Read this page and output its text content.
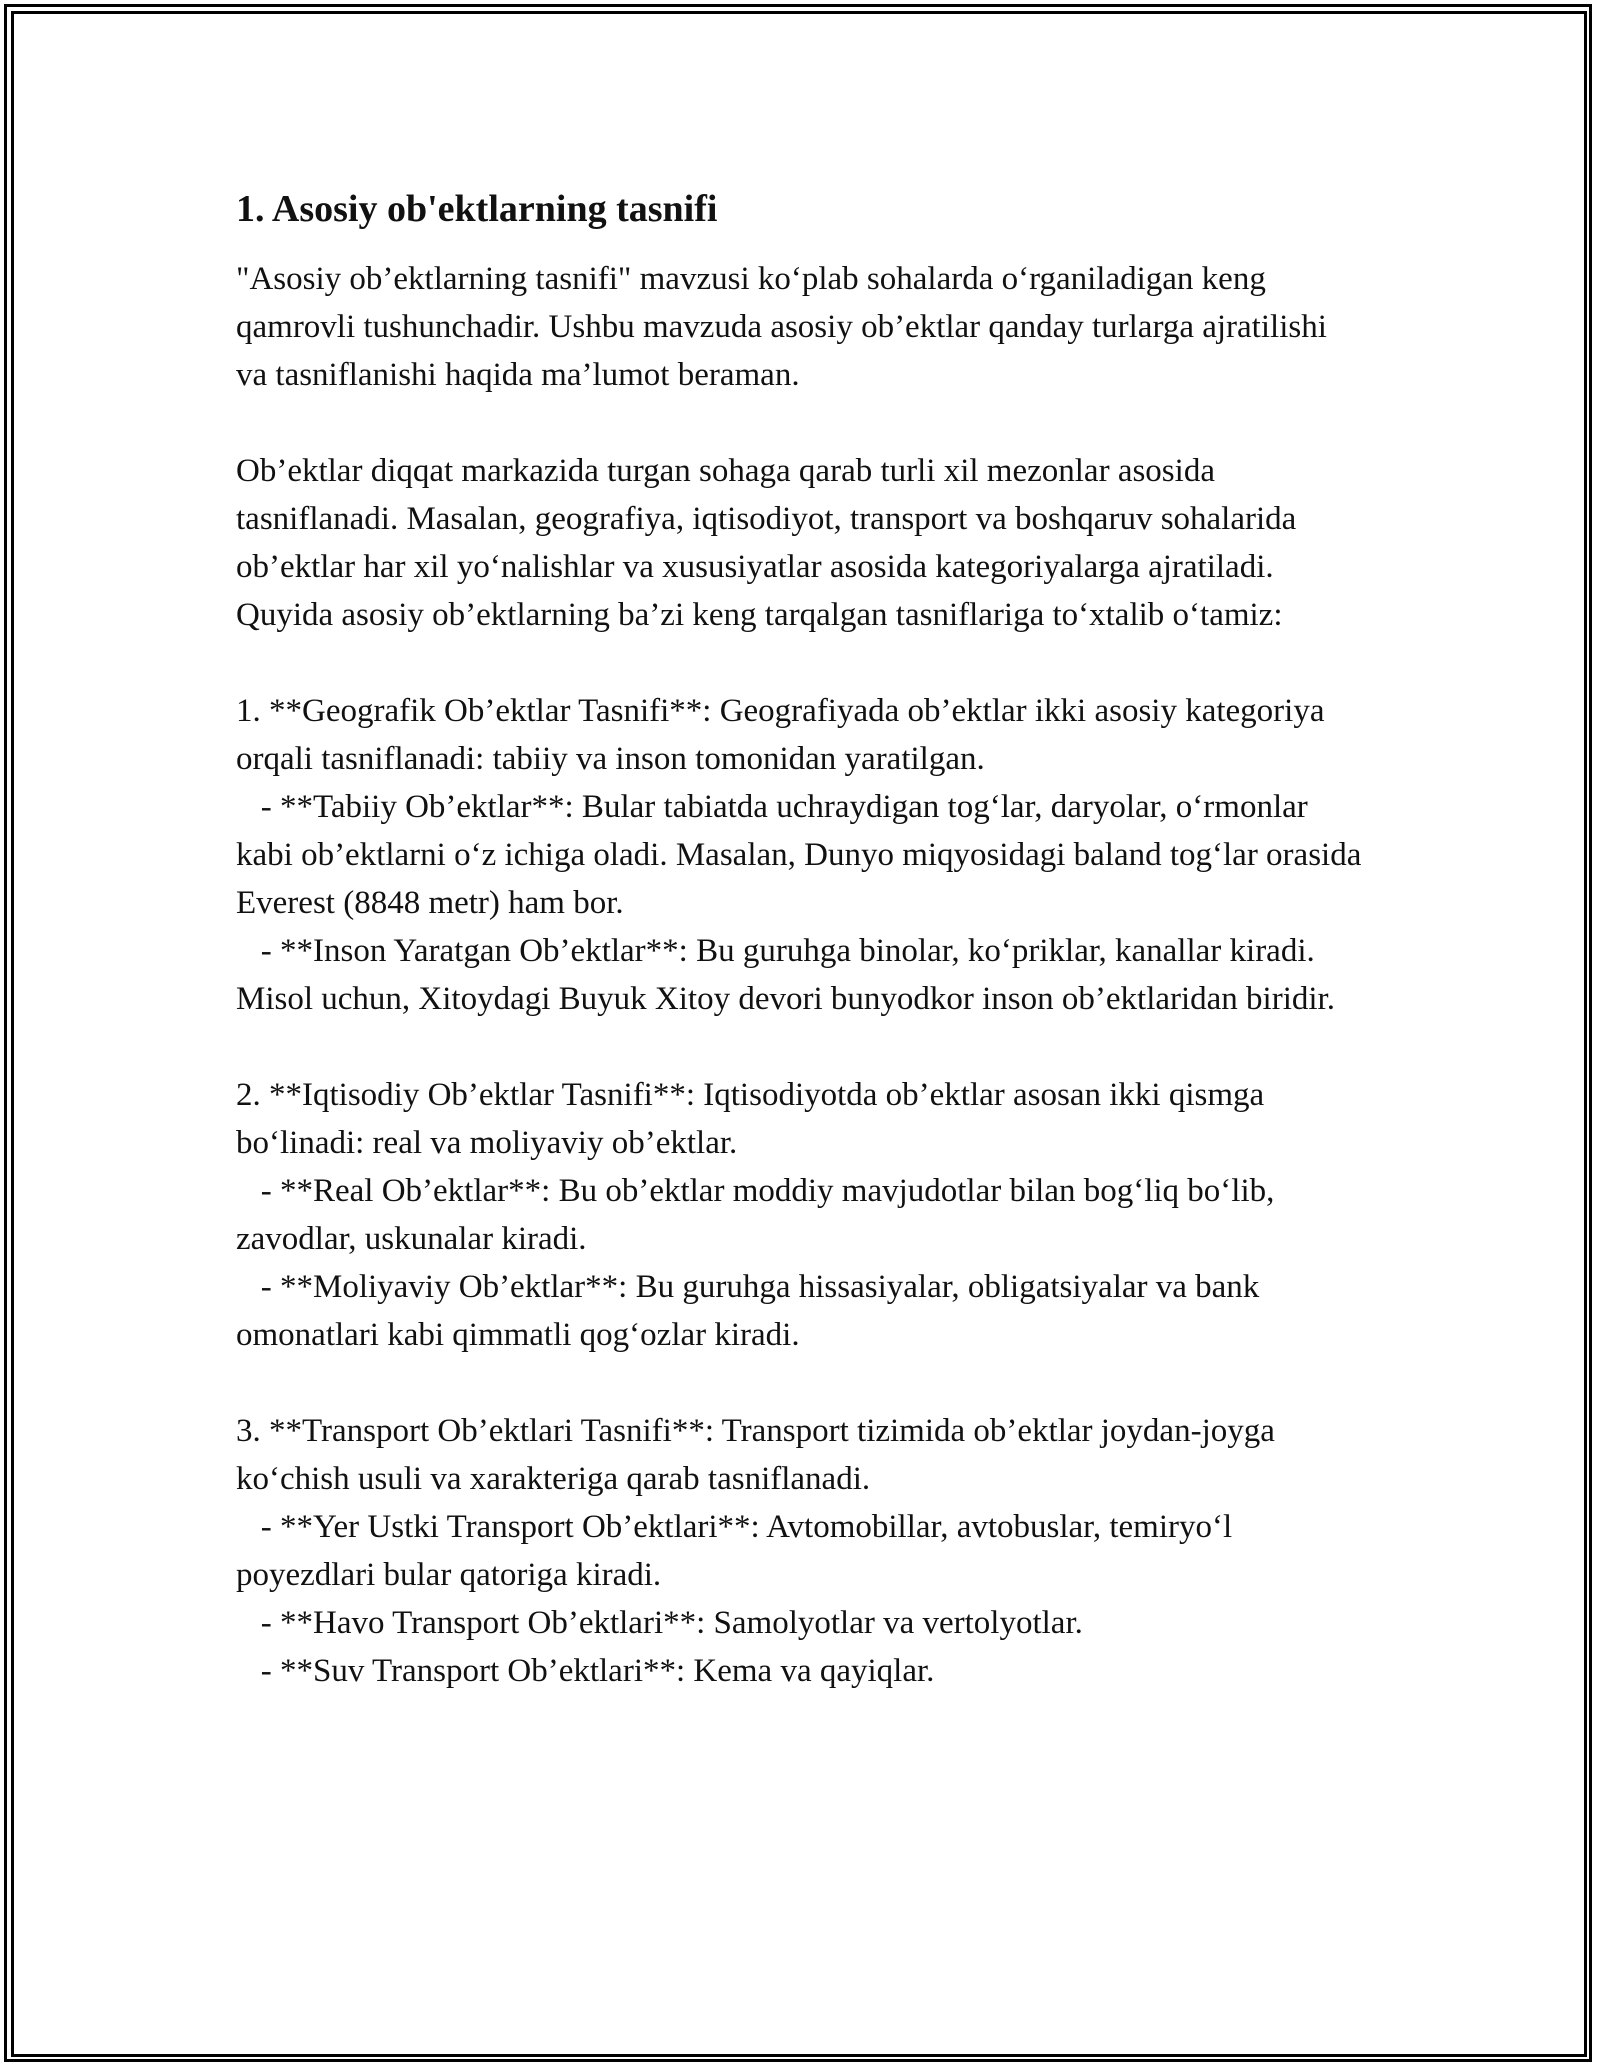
1. Asosiy ob'ektlarning tasnifi
"Asosiy ob’ektlarning tasnifi" mavzusi ko‘plab sohalarda o‘rganiladigan keng qamrovli tushunchadir. Ushbu mavzuda asosiy ob’ektlar qanday turlarga ajratilishi va tasniflanishi haqida ma’lumot beraman.
Ob’ektlar diqqat markazida turgan sohaga qarab turli xil mezonlar asosida tasniflanadi. Masalan, geografiya, iqtisodiyot, transport va boshqaruv sohalarida ob’ektlar har xil yo‘nalishlar va xususiyatlar asosida kategoriyalarga ajratiladi. Quyida asosiy ob’ektlarning ba’zi keng tarqalgan tasniflariga to‘xtalib o‘tamiz:
1. **Geografik Ob’ektlar Tasnifi**: Geografiyada ob’ektlar ikki asosiy kategoriya orqali tasniflanadi: tabiiy va inson tomonidan yaratilgan.
- **Tabiiy Ob’ektlar**: Bular tabiatda uchraydigan tog‘lar, daryolar, o‘rmonlar kabi ob’ektlarni o‘z ichiga oladi. Masalan, Dunyo miqyosidagi baland tog‘lar orasida Everest (8848 metr) ham bor.
- **Inson Yaratgan Ob’ektlar**: Bu guruhga binolar, ko‘priklar, kanallar kiradi. Misol uchun, Xitoydagi Buyuk Xitoy devori bunyodkor inson ob’ektlaridan biridir.
2. **Iqtisodiy Ob’ektlar Tasnifi**: Iqtisodiyotda ob’ektlar asosan ikki qismga bo‘linadi: real va moliyaviy ob’ektlar.
- **Real Ob’ektlar**: Bu ob’ektlar moddiy mavjudotlar bilan bog‘liq bo‘lib, zavodlar, uskunalar kiradi.
- **Moliyaviy Ob’ektlar**: Bu guruhga hissasiyalar, obligatsiyalar va bank omonatlari kabi qimmatli qog‘ozlar kiradi.
3. **Transport Ob’ektlari Tasnifi**: Transport tizimida ob’ektlar joydan-joyga ko‘chish usuli va xarakteriga qarab tasniflanadi.
- **Yer Ustki Transport Ob’ektlari**: Avtomobillar, avtobuslar, temiryo‘l poyezdlari bular qatoriga kiradi.
- **Havo Transport Ob’ektlari**: Samolyotlar va vertolyotlar.
- **Suv Transport Ob’ektlari**: Kema va qayiqlar.
